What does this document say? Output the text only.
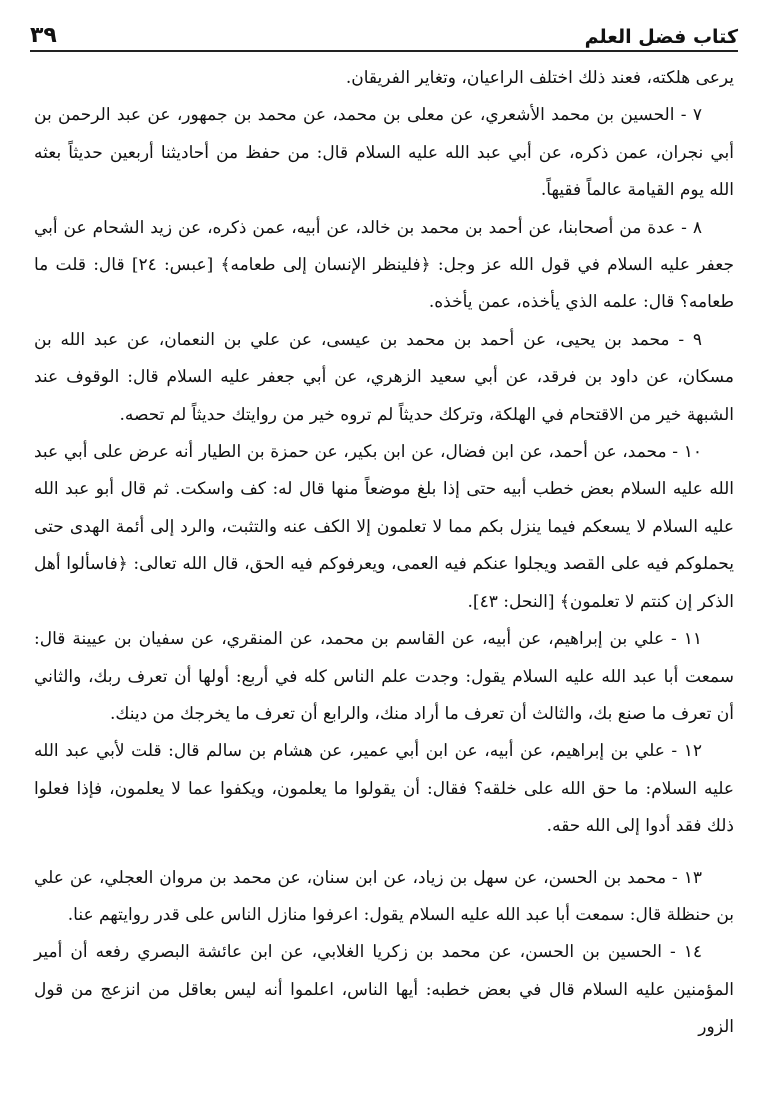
كتاب فضل العلم
٣٩

يرعى هلكته، فعند ذلك اختلف الراعيان، وتغاير الفريقان.

٧ - الحسين بن محمد الأشعري، عن معلى بن محمد، عن محمد بن جمهور، عن عبد الرحمن بن أبي نجران، عمن ذكره، عن أبي عبد الله عليه السلام قال: من حفظ من أحاديثنا أربعين حديثاً بعثه الله يوم القيامة عالماً فقيهاً.

٨ - عدة من أصحابنا، عن أحمد بن محمد بن خالد، عن أبيه، عمن ذكره، عن زيد الشحام عن أبي جعفر عليه السلام في قول الله عز وجل: ﴿فلينظر الإنسان إلى طعامه﴾ [عبس: ٢٤] قال: قلت ما طعامه؟ قال: علمه الذي يأخذه، عمن يأخذه.

٩ - محمد بن يحيى، عن أحمد بن محمد بن عيسى، عن علي بن النعمان، عن عبد الله بن مسكان، عن داود بن فرقد، عن أبي سعيد الزهري، عن أبي جعفر عليه السلام قال: الوقوف عند الشبهة خير من الاقتحام في الهلكة، وتركك حديثاً لم تروه خير من روايتك حديثاً لم تحصه.

١٠ - محمد، عن أحمد، عن ابن فضال، عن ابن بكير، عن حمزة بن الطيار أنه عرض على أبي عبد الله عليه السلام بعض خطب أبيه حتى إذا بلغ موضعاً منها قال له: كف واسكت. ثم قال أبو عبد الله عليه السلام لا يسعكم فيما ينزل بكم مما لا تعلمون إلا الكف عنه والتثبت، والرد إلى أئمة الهدى حتى يحملوكم فيه على القصد ويجلوا عنكم فيه العمى، ويعرفوكم فيه الحق، قال الله تعالى: ﴿فاسألوا أهل الذكر إن كنتم لا تعلمون﴾ [النحل: ٤٣].

١١ - علي بن إبراهيم، عن أبيه، عن القاسم بن محمد، عن المنقري، عن سفيان بن عيينة قال: سمعت أبا عبد الله عليه السلام يقول: وجدت علم الناس كله في أربع: أولها أن تعرف ربك، والثاني أن تعرف ما صنع بك، والثالث أن تعرف ما أراد منك، والرابع أن تعرف ما يخرجك من دينك.

١٢ - علي بن إبراهيم، عن أبيه، عن ابن أبي عمير، عن هشام بن سالم قال: قلت لأبي عبد الله عليه السلام: ما حق الله على خلقه؟ فقال: أن يقولوا ما يعلمون، ويكفوا عما لا يعلمون، فإذا فعلوا ذلك فقد أدوا إلى الله حقه.

١٣ - محمد بن الحسن، عن سهل بن زياد، عن ابن سنان، عن محمد بن مروان العجلي، عن علي بن حنظلة قال: سمعت أبا عبد الله عليه السلام يقول: اعرفوا منازل الناس على قدر روايتهم عنا.

١٤ - الحسين بن الحسن، عن محمد بن زكريا الغلابي، عن ابن عائشة البصري رفعه أن أمير المؤمنين عليه السلام قال في بعض خطبه: أيها الناس، اعلموا أنه ليس بعاقل من انزعج من قول الزور
